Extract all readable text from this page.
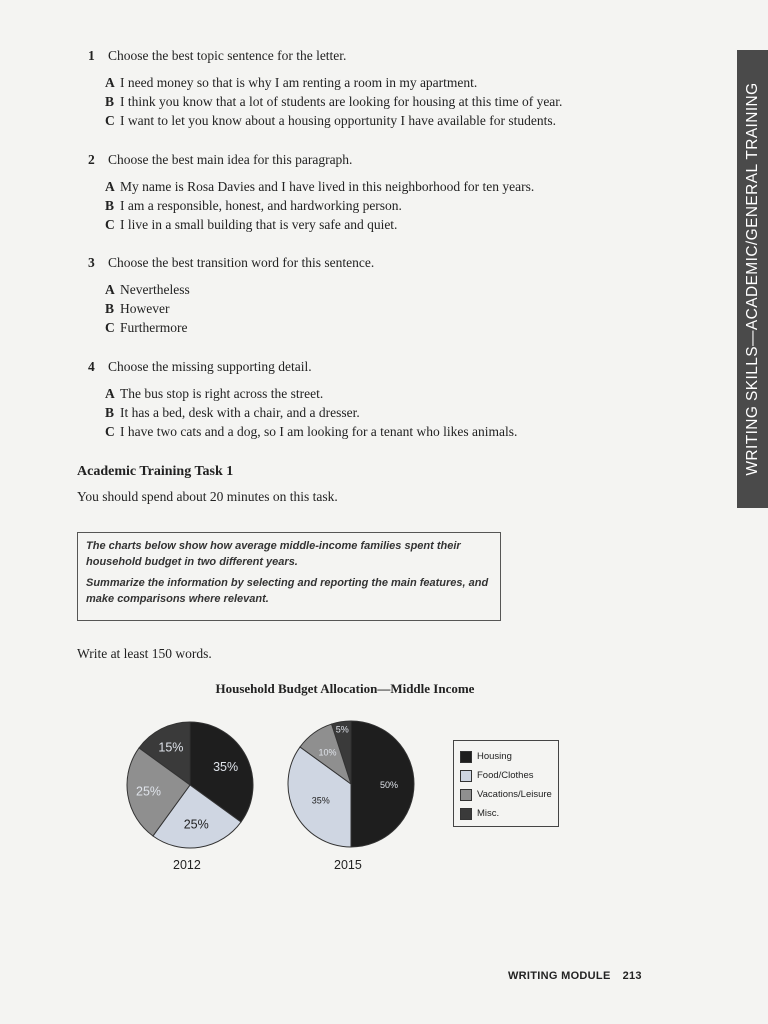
WRITING SKILLS—ACADEMIC/GENERAL TRAINING
1 Choose the best topic sentence for the letter.
A I need money so that is why I am renting a room in my apartment.
B I think you know that a lot of students are looking for housing at this time of year.
C I want to let you know about a housing opportunity I have available for students.
2 Choose the best main idea for this paragraph.
A My name is Rosa Davies and I have lived in this neighborhood for ten years.
B I am a responsible, honest, and hardworking person.
C I live in a small building that is very safe and quiet.
3 Choose the best transition word for this sentence.
A Nevertheless
B However
C Furthermore
4 Choose the missing supporting detail.
A The bus stop is right across the street.
B It has a bed, desk with a chair, and a dresser.
C I have two cats and a dog, so I am looking for a tenant who likes animals.
Academic Training Task 1
You should spend about 20 minutes on this task.

The charts below show how average middle-income families spent their household budget in two different years.

Summarize the information by selecting and reporting the main features, and make comparisons where relevant.

Write at least 150 words.
Household Budget Allocation—Middle Income
15%
35%
25%
25%
5%
50%
35%
10%
2012	2015
Housing
Food/Clothes
Vacations/Leisure
Misc.
WRITING MODULE 213
